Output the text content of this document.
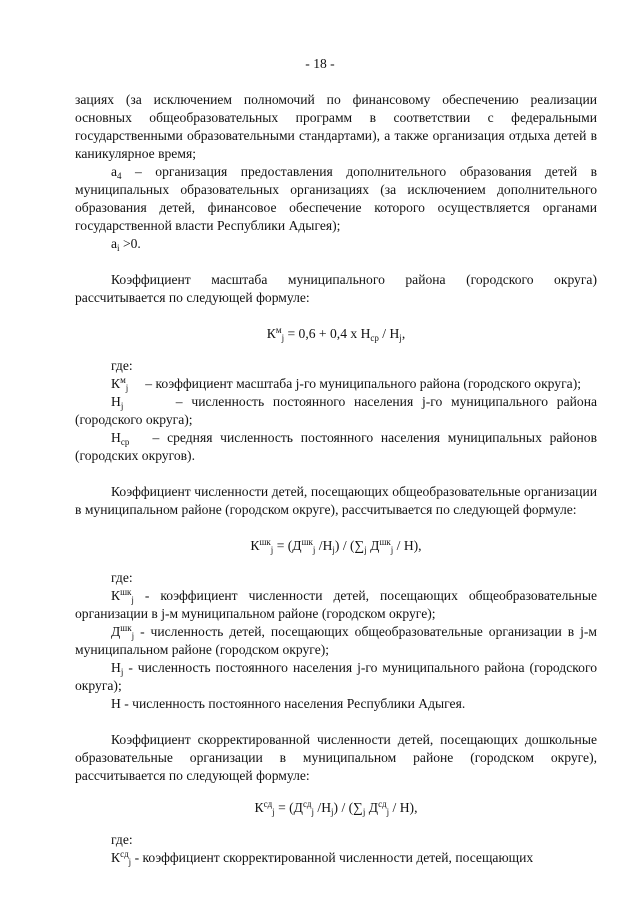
- 18 -

зациях (за исключением полномочий по финансовому обеспечению реализации основных общеобразовательных программ в соответствии с федеральными государственными образовательными стандартами), а также организация отдыха детей в каникулярное время;

$a_4$ – организация предоставления дополнительного образования детей в муниципальных образовательных организациях (за исключением дополнительного образования детей, финансовое обеспечение которого осуществляется органами государственной власти Республики Адыгея);

$a_i >0$.

Коэффициент масштаба муниципального района (городского округа) рассчитывается по следующей формуле:

$К^м_j = 0,6 + 0,4$ x $Н_{ср} / Н_j$,

где:

$К^м_j$     – коэффициент масштаба j-го муниципального района (городского округа);

$Н_j$      – численность постоянного населения j-го муниципального района (городского округа);

$Н_{ср}$   – средняя численность постоянного населения муниципальных районов (городских округов).

Коэффициент численности детей, посещающих общеобразовательные организации в муниципальном районе (городском округе), рассчитывается по следующей формуле:

$К^{шк}_j = (Д^{шк}_j$ $/Н_j) / (\sum_j$ $Д^{шк}_j / Н$),

где:

$К^{шк}_j$ - коэффициент численности детей, посещающих общеобразовательные организации в j-м муниципальном районе (городском округе);

$Д^{шк}_j$ - численность детей, посещающих общеобразовательные организации в j-м муниципальном районе (городском округе);

$Н_j$ - численность постоянного населения j-го муниципального района (городского округа);

Н - численность постоянного населения Республики Адыгея.

Коэффициент скорректированной численности детей, посещающих дошкольные образовательные организации в муниципальном районе (городском округе), рассчитывается по следующей формуле:

$К^{сд}_j = (Д^{сд}_j$ $/Н_j) / (\sum_j$ $Д^{сд}_j / Н$),

где:

$К^{сд}_j$ - коэффициент скорректированной численности детей, посещающих
